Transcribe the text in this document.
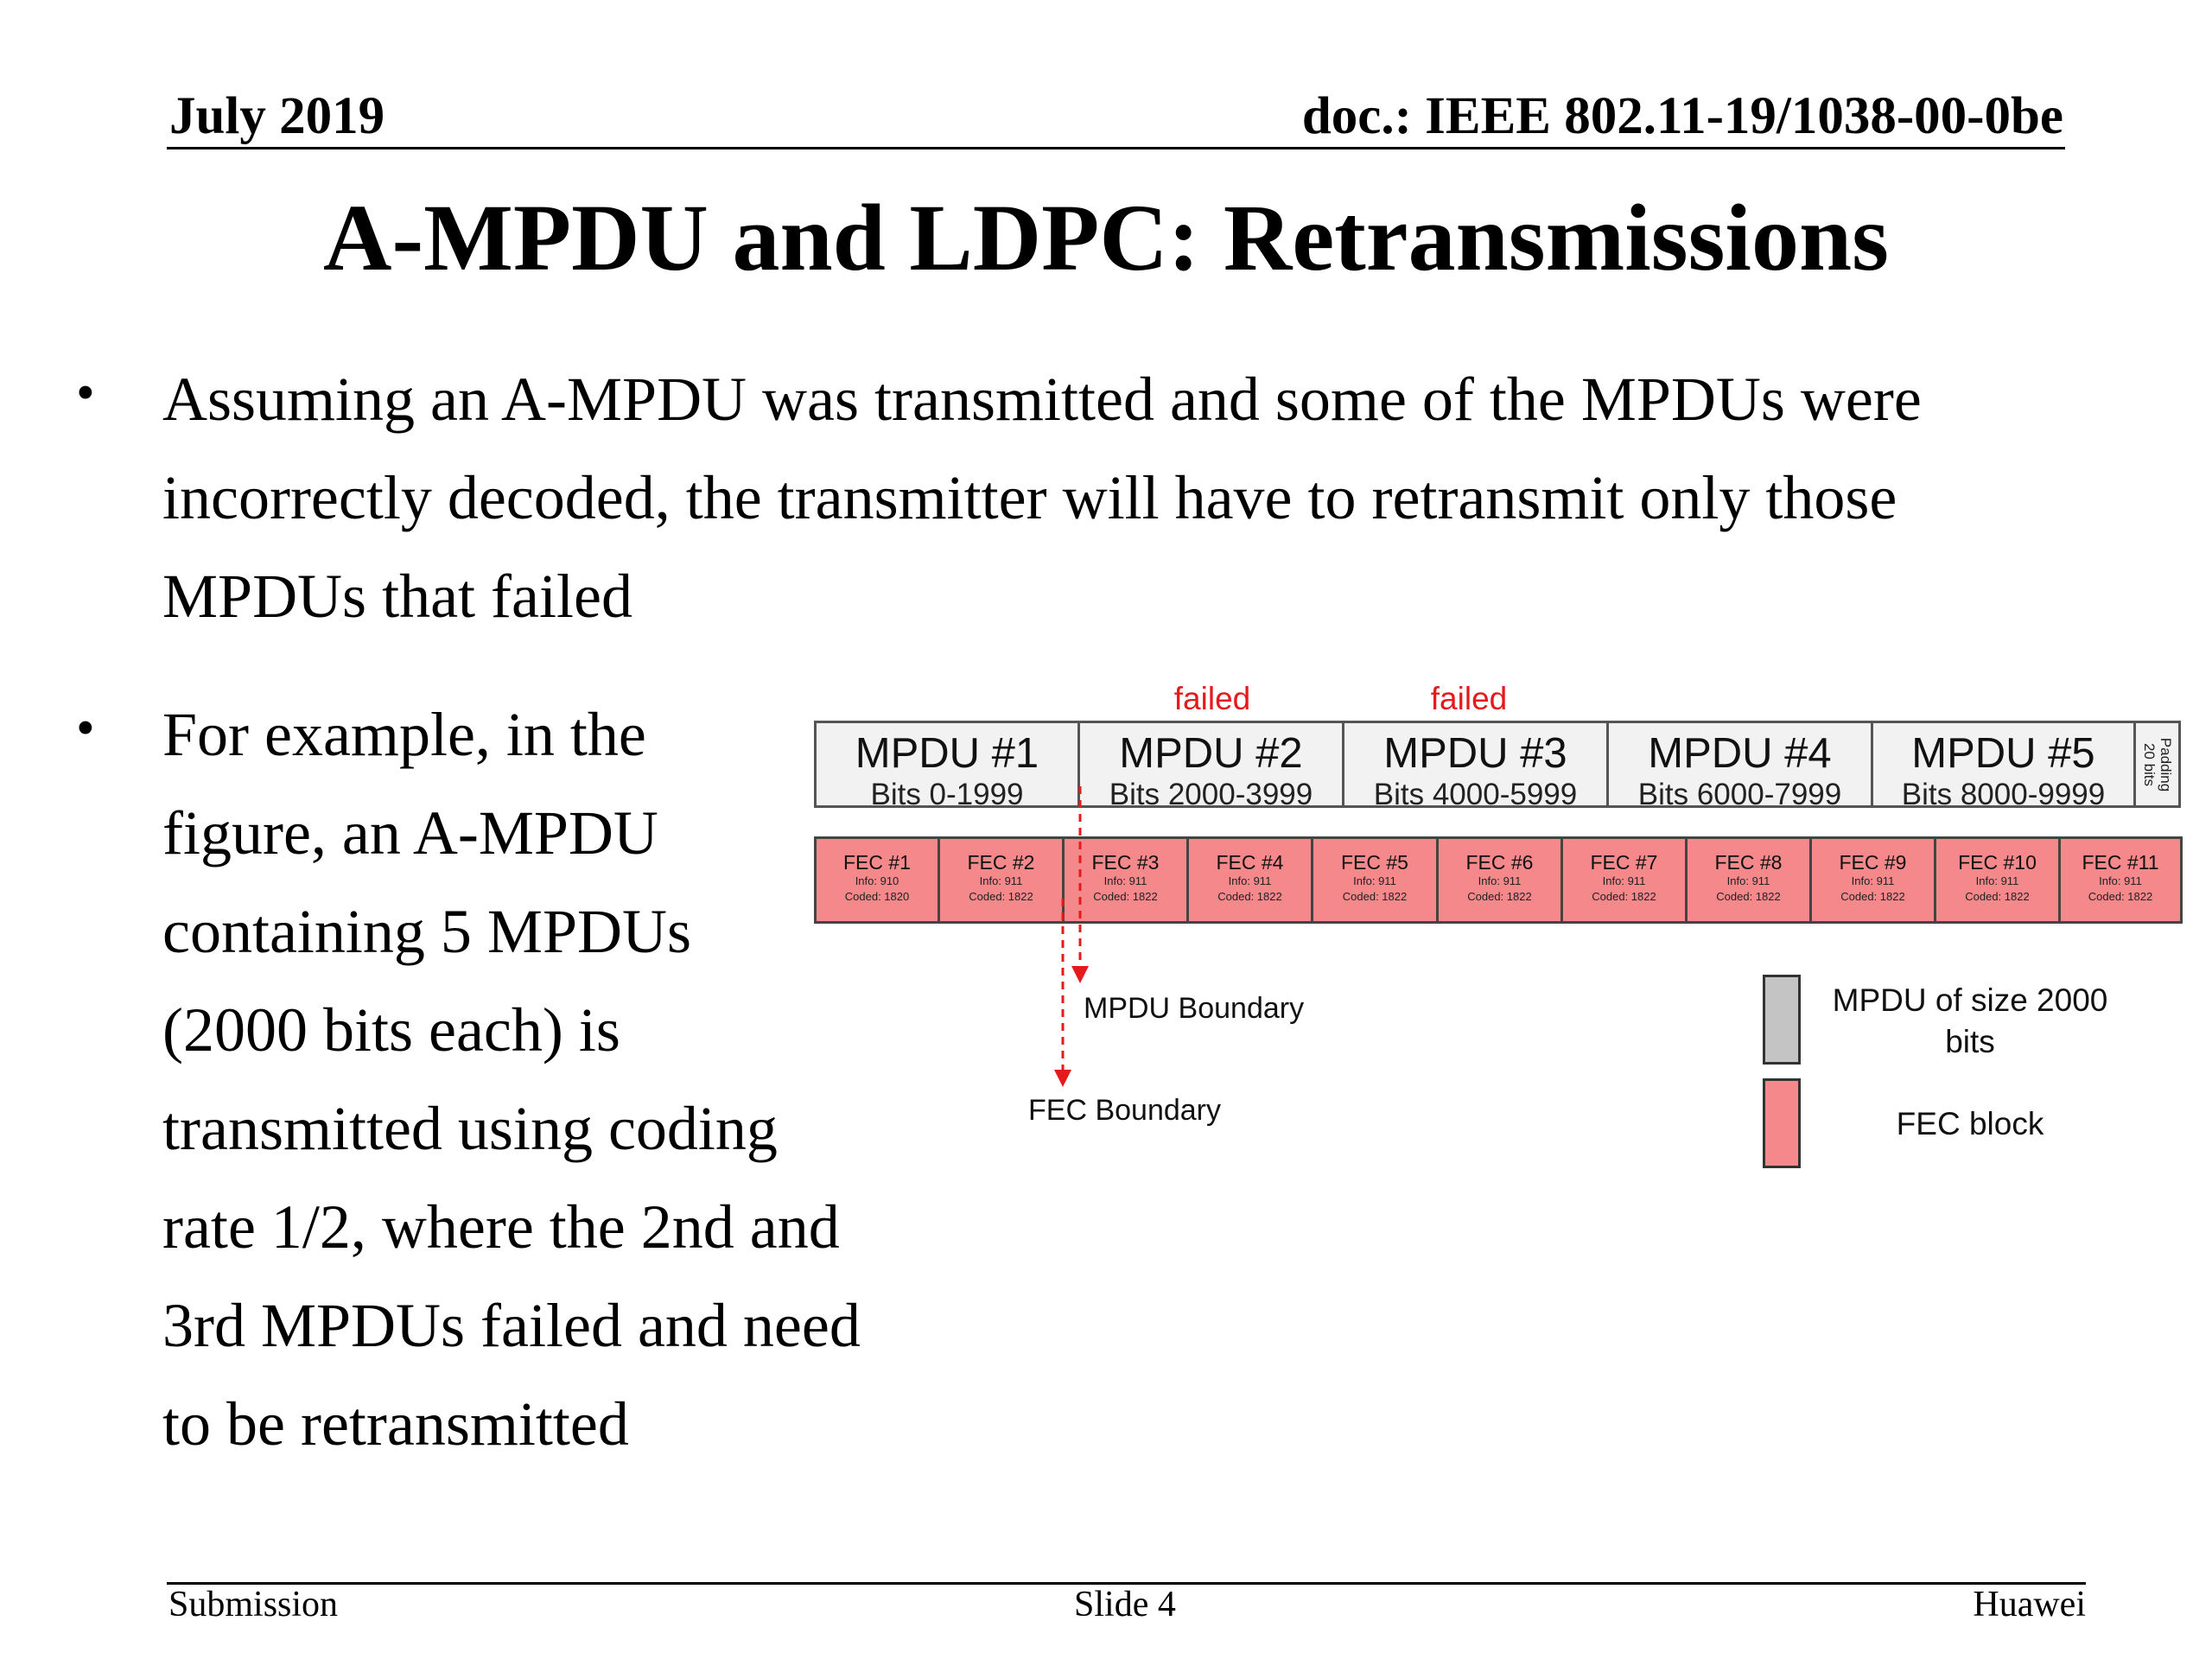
July 2019	doc.: IEEE 802.11-19/1038-00-0be
A-MPDU and LDPC: Retransmissions
• Assuming an A-MPDU was transmitted and some of the MPDUs were
incorrectly decoded, the transmitter will have to retransmit only those
MPDUs that failed
• For example, in the
figure, an A-MPDU
containing 5 MPDUs
(2000 bits each) is
transmitted using coding
rate 1/2, where the 2nd and
3rd MPDUs failed and need
to be retransmitted
failed	failed
MPDU #1
Bits 0-1999
MPDU #2
Bits 2000-3999
MPDU #3
Bits 4000-5999
MPDU #4
Bits 6000-7999
MPDU #5
Bits 8000-9999
Padding
20 bits
FEC #1
Info: 910
Coded: 1820
FEC #2
Info: 911
Coded: 1822
FEC #3
Info: 911
Coded: 1822
FEC #4
Info: 911
Coded: 1822
FEC #5
Info: 911
Coded: 1822
FEC #6
Info: 911
Coded: 1822
FEC #7
Info: 911
Coded: 1822
FEC #8
Info: 911
Coded: 1822
FEC #9
Info: 911
Coded: 1822
FEC #10
Info: 911
Coded: 1822
FEC #11
Info: 911
Coded: 1822
MPDU Boundary
FEC Boundary
MPDU of size 2000
bits
FEC block
Submission	Slide 4	Huawei
